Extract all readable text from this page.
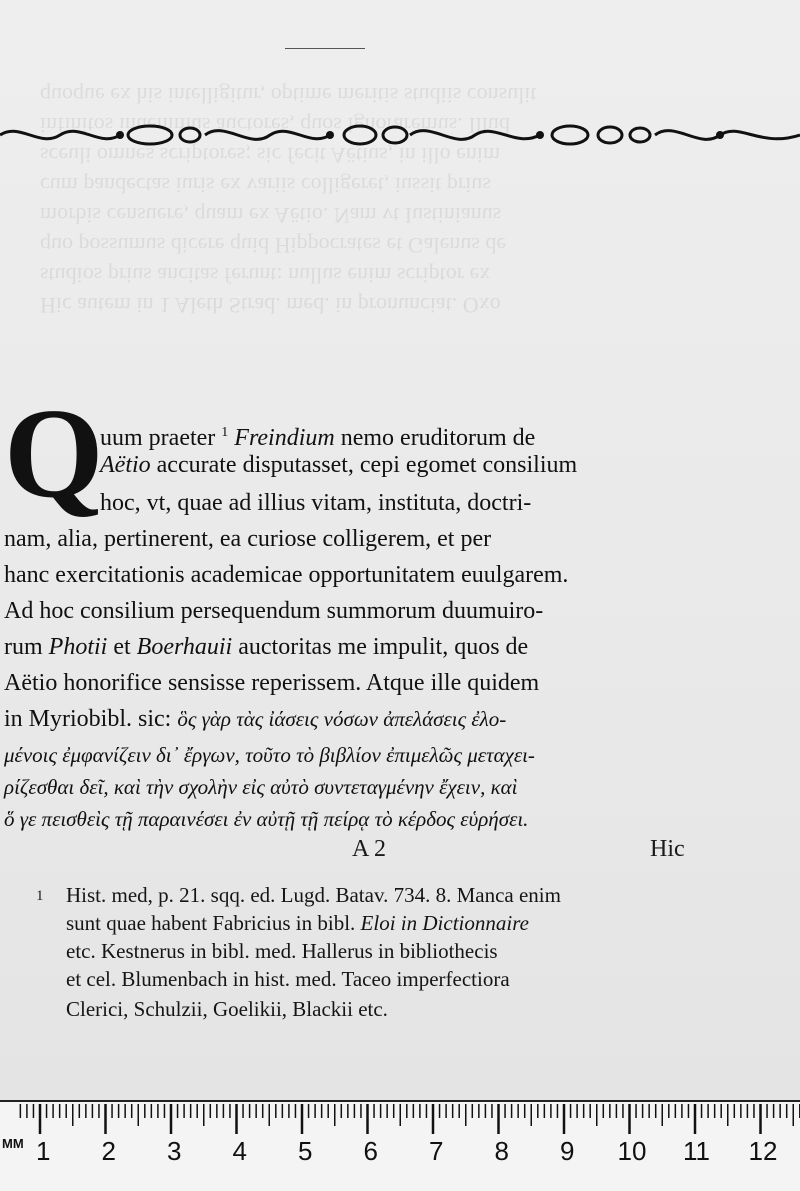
Hic autem in 1 Aleth Strad. med. in pronunciat. Oxo
studios prius ancitas ferunt: nullus enim scriptor ex
quo possumus dicere quid Hippocrates et Galenus de
morbis censuere, quam ex Aëtio. Nam vt Iustinianus
cum pandectas iuris ex variis colligeret, iussit prius
sceuli omnes scriptores; sic fecit Aëtius, in illo enim
infinitos inuenimus auctores, quos ignoraremus. Illud
quoque ex his intelligitur, optime meritis studiis consulit
Q
uum praeter $^1$ Freindium nemo eruditorum de
Aëtio accurate disputasset, cepi egomet consilium
hoc, vt, quae ad illius vitam, instituta, doctri-
nam, alia, pertinerent, ea curiose colligerem, et per
hanc exercitationis academicae opportunitatem euulgarem.
Ad hoc consilium persequendum summorum duumuiro-
rum Photii et Boerhauii auctoritas me impulit, quos de
Aëtio honorifice sensisse reperissem. Atque ille quidem
in Myriobibl. sic: ὃς γὰρ τὰς ἰάσεις νόσων ἀπελάσεις ἐλο-
μένοις ἐμφανίζειν δι᾽ ἔργων, τοῦτο τὸ βιβλίον ἐπιμελῶς μεταχει-
ρίζεσθαι δεῖ, καὶ τὴν σχολὴν εἰς αὐτὸ συντεταγμένην ἔχειν, καὶ
ὅ γε πεισθεὶς τῇ παραινέσει ἐν αὐτῇ τῇ πείρᾳ τὸ κέρδος εὑρήσει.
A 2	Hic
1 Hist. med, p. 21. sqq. ed. Lugd. Batav. 734. 8. Manca enim
sunt quae habent Fabricius in bibl. Eloi in Dictionnaire
etc. Kestnerus in bibl. med. Hallerus in bibliothecis
et cel. Blumenbach in hist. med. Taceo imperfectiora
Clerici, Schulzii, Goelikii, Blackii etc.
MM 1 2 3 4 5 6 7 8 9 10 11 12
